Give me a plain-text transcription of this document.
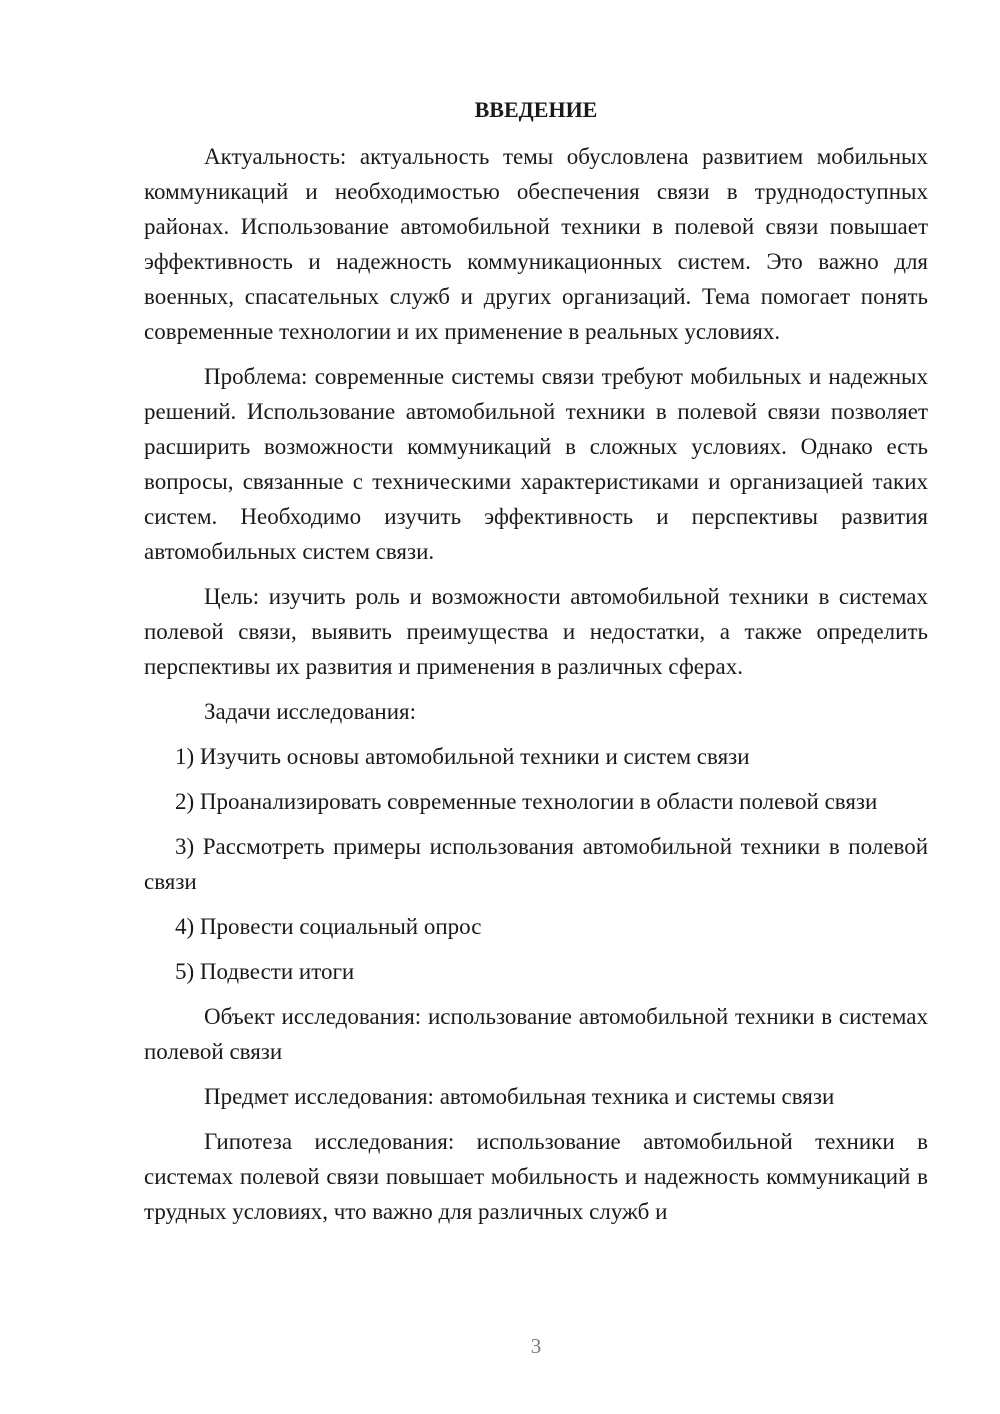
ВВЕДЕНИЕ

Актуальность: актуальность темы обусловлена развитием мобильных коммуникаций и необходимостью обеспечения связи в труднодоступных районах. Использование автомобильной техники в полевой связи повышает эффективность и надежность коммуникационных систем. Это важно для военных, спасательных служб и других организаций. Тема помогает понять современные технологии и их применение в реальных условиях.

Проблема: современные системы связи требуют мобильных и надежных решений. Использование автомобильной техники в полевой связи позволяет расширить возможности коммуникаций в сложных условиях. Однако есть вопросы, связанные с техническими характеристиками и организацией таких систем. Необходимо изучить эффективность и перспективы развития автомобильных систем связи.

Цель: изучить роль и возможности автомобильной техники в системах полевой связи, выявить преимущества и недостатки, а также определить перспективы их развития и применения в различных сферах.

Задачи исследования:

1) Изучить основы автомобильной техники и систем связи

2) Проанализировать современные технологии в области полевой связи

3) Рассмотреть примеры использования автомобильной техники в полевой связи

4) Провести социальный опрос

5) Подвести итоги

Объект исследования: использование автомобильной техники в системах полевой связи

Предмет исследования: автомобильная техника и системы связи

Гипотеза исследования: использование автомобильной техники в системах полевой связи повышает мобильность и надежность коммуникаций в трудных условиях, что важно для различных служб и

3
